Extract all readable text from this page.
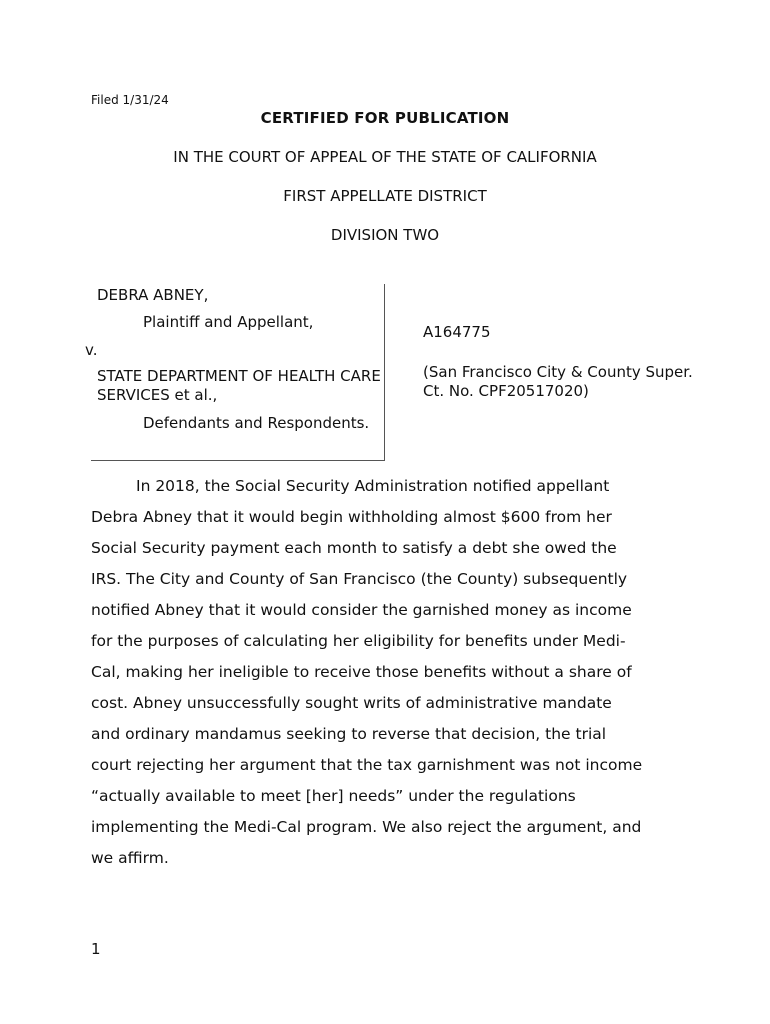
Filed 1/31/24
CERTIFIED FOR PUBLICATION
IN THE COURT OF APPEAL OF THE STATE OF CALIFORNIA
FIRST APPELLATE DISTRICT
DIVISION TWO
DEBRA ABNEY,
Plaintiff and Appellant,
v.
STATE DEPARTMENT OF HEALTH CARE SERVICES et al.,
Defendants and Respondents.
A164775
(San Francisco City & County Super. Ct. No. CPF20517020)
In 2018, the Social Security Administration notified appellant
Debra Abney that it would begin withholding almost $600 from her
Social Security payment each month to satisfy a debt she owed the
IRS. The City and County of San Francisco (the County) subsequently
notified Abney that it would consider the garnished money as income
for the purposes of calculating her eligibility for benefits under Medi-
Cal, making her ineligible to receive those benefits without a share of
cost. Abney unsuccessfully sought writs of administrative mandate
and ordinary mandamus seeking to reverse that decision, the trial
court rejecting her argument that the tax garnishment was not income
“actually available to meet [her] needs” under the regulations
implementing the Medi-Cal program. We also reject the argument, and
we affirm.
1
